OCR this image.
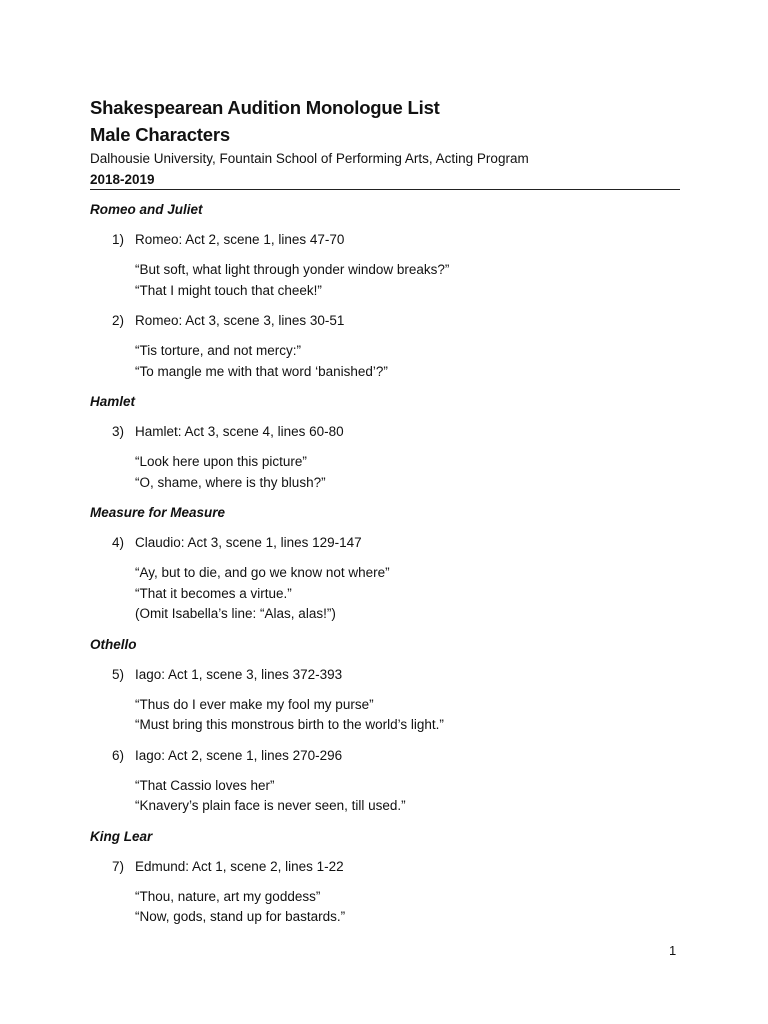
Shakespearean Audition Monologue List
Male Characters

Dalhousie University, Fountain School of Performing Arts, Acting Program

2018-2019

Romeo and Juliet
1) Romeo: Act 2, scene 1, lines 47-70
“But soft, what light through yonder window breaks?”
“That I might touch that cheek!”
2) Romeo: Act 3, scene 3, lines 30-51
“Tis torture, and not mercy:”
“To mangle me with that word ‘banished’?”
Hamlet
3) Hamlet: Act 3, scene 4, lines 60-80
“Look here upon this picture”
“O, shame, where is thy blush?”
Measure for Measure
4) Claudio: Act 3, scene 1, lines 129-147
“Ay, but to die, and go we know not where”
“That it becomes a virtue.”
(Omit Isabella’s line: “Alas, alas!”)
Othello
5) Iago: Act 1, scene 3, lines 372-393
“Thus do I ever make my fool my purse”
“Must bring this monstrous birth to the world’s light.”
6) Iago: Act 2, scene 1, lines 270-296
“That Cassio loves her”
“Knavery’s plain face is never seen, till used.”
King Lear
7) Edmund: Act 1, scene 2, lines 1-22
“Thou, nature, art my goddess”
“Now, gods, stand up for bastards.”
1
